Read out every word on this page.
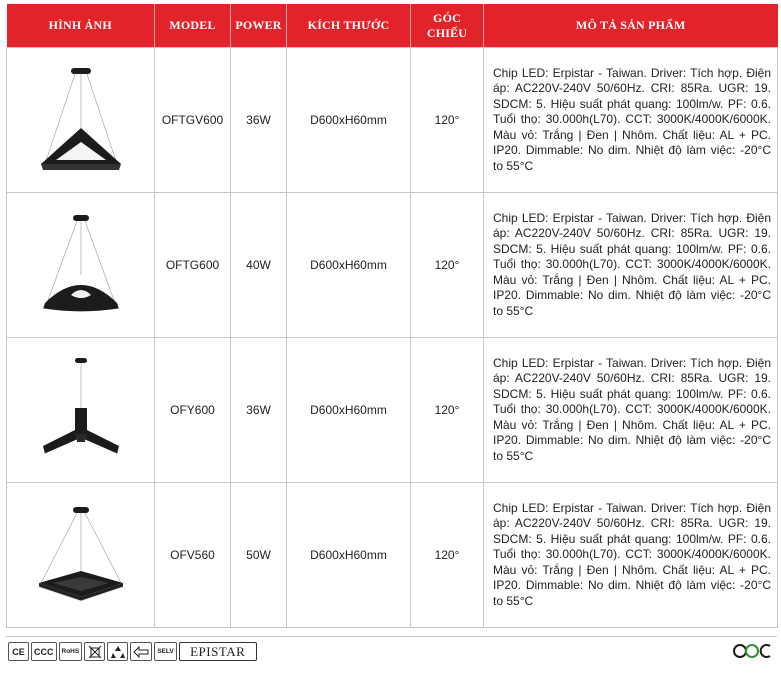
HÌNH ẢNH	MODEL	POWER	KÍCH THƯỚC	GÓC CHIẾU	MÔ TẢ SẢN PHẨM

	OFTGV600	36W	D600xH60mm	120°	Chip LED: Erpistar - Taiwan. Driver: Tích hợp. Điện áp: AC220V-240V 50/60Hz. CRI: 85Ra. UGR: 19. SDCM: 5. Hiệu suất phát quang: 100lm/w. PF: 0.6. Tuổi thọ: 30.000h(L70). CCT: 3000K/4000K/6000K. Màu vỏ: Trắng | Đen | Nhôm. Chất liệu: AL + PC. IP20. Dimmable: No dim. Nhiệt độ làm việc: -20°C to 55°C

	OFTG600	40W	D600xH60mm	120°	Chip LED: Erpistar - Taiwan. Driver: Tích hợp. Điện áp: AC220V-240V 50/60Hz. CRI: 85Ra. UGR: 19. SDCM: 5. Hiệu suất phát quang: 100lm/w. PF: 0.6. Tuổi thọ: 30.000h(L70). CCT: 3000K/4000K/6000K. Màu vỏ: Trắng | Đen | Nhôm. Chất liệu: AL + PC. IP20. Dimmable: No dim. Nhiệt độ làm việc: -20°C to 55°C

	OFY600	36W	D600xH60mm	120°	Chip LED: Erpistar - Taiwan. Driver: Tích hợp. Điện áp: AC220V-240V 50/60Hz. CRI: 85Ra. UGR: 19. SDCM: 5. Hiệu suất phát quang: 100lm/w. PF: 0.6. Tuổi thọ: 30.000h(L70). CCT: 3000K/4000K/6000K. Màu vỏ: Trắng | Đen | Nhôm. Chất liệu: AL + PC. IP20. Dimmable: No dim. Nhiệt độ làm việc: -20°C to 55°C

	OFV560	50W	D600xH60mm	120°	Chip LED: Erpistar - Taiwan. Driver: Tích hợp. Điện áp: AC220V-240V 50/60Hz. CRI: 85Ra. UGR: 19. SDCM: 5. Hiệu suất phát quang: 100lm/w. PF: 0.6. Tuổi thọ: 30.000h(L70). CCT: 3000K/4000K/6000K. Màu vỏ: Trắng | Đen | Nhôm. Chất liệu: AL + PC. IP20. Dimmable: No dim. Nhiệt độ làm việc: -20°C to 55°C
CE	CCC	RoHS	SELV	EPISTAR
